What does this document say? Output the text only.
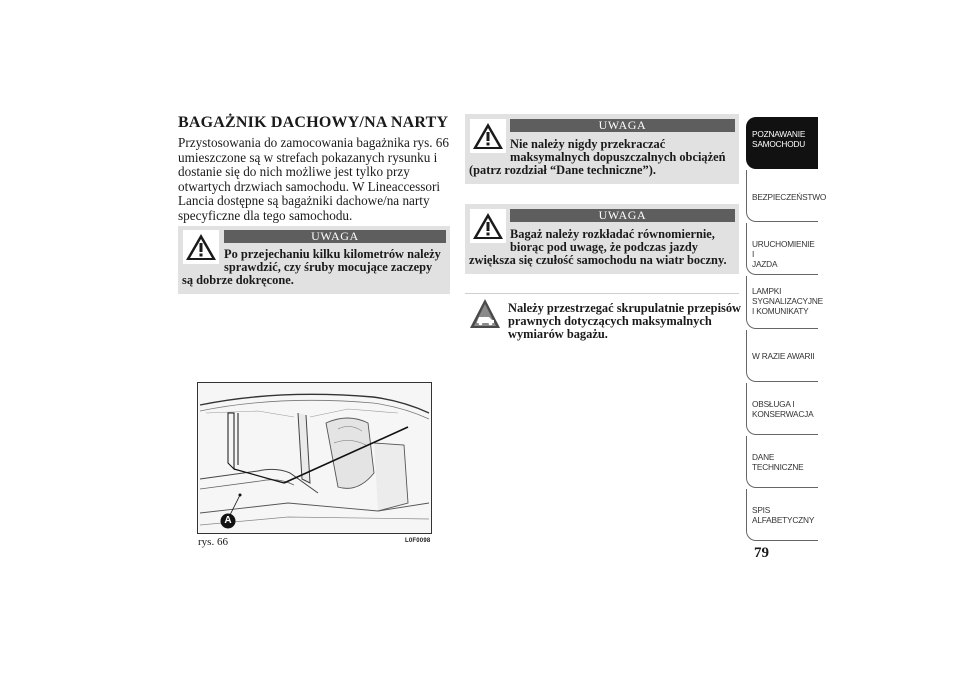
BAGAŻNIK DACHOWY/NA NARTY
Przystosowania do zamocowania bagażnika rys. 66
umieszczone są w strefach pokazanych rysunku i
dostanie się do nich możliwe jest tylko przy
otwartych drzwiach samochodu. W Lineaccessori
Lancia dostępne są bagażniki dachowe/na narty
specyficzne dla tego samochodu.
UWAGA
Po przejechaniu kilku kilometrów należy
sprawdzić, czy śruby mocujące zaczepy
są dobrze dokręcone.
UWAGA
Nie należy nigdy przekraczać
maksymalnych dopuszczalnych obciążeń
(patrz rozdział “Dane techniczne”).
UWAGA
Bagaż należy rozkładać równomiernie,
biorąc pod uwagę, że podczas jazdy
zwiększa się czułość samochodu na wiatr boczny.
Należy przestrzegać skrupulatnie przepisów
prawnych dotyczących maksymalnych
wymiarów bagażu.
A
rys. 66	L0F0098
POZNAWANIE
SAMOCHODU
BEZPIECZEŃSTWO
URUCHOMIENIE I
JAZDA
LAMPKI
SYGNALIZACYJNE
I KOMUNIKATY
W RAZIE AWARII
OBSŁUGA I
KONSERWACJA
DANE
TECHNICZNE
SPIS
ALFABETYCZNY
79
